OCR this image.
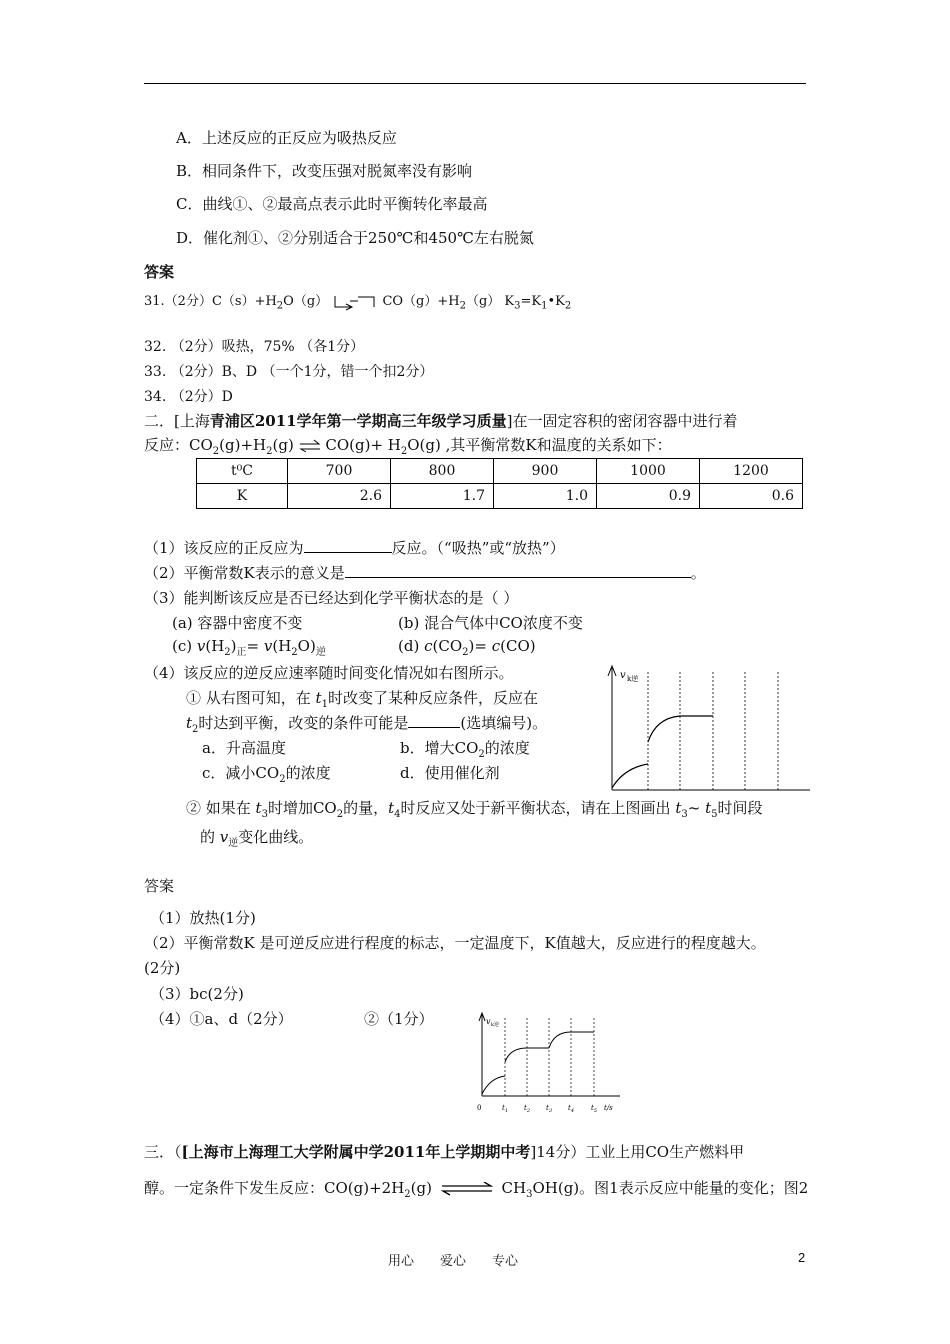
A．上述反应的正反应为吸热反应
B．相同条件下，改变压强对脱氮率没有影响
C．曲线①、②最高点表示此时平衡转化率最高
D．催化剂①、②分别适合于250℃和450℃左右脱氮
答案
31.（2分）$C(s)+H_2O(g)$	$CO(g)+H_2(g)$ $K_3=K_1•K_2$
32. （2分）吸热，75% （各1分）
33. （2分）B、D （一个1分，错一个扣2分）
34. （2分）D
二．[上海青浦区2011学年第一学期高三年级学习质量]在一固定容积的密闭容器中进行着
反应：$CO_2(g)+H_2(g)$ ⇌ $CO(g)+ H_2O(g)$ ,其平衡常数K和温度的关系如下：
t⁰C	700	800	900	1000	1200
K	2.6	1.7	1.0	0.9	0.6
（1）该反应的正反应为	反应。（“吸热”或“放热”）
（2）平衡常数K表示的意义是	。
（3）能判断该反应是否已经达到化学平衡状态的是（ ）
(a) 容器中密度不变	(b) 混合气体中CO浓度不变
(c) $v(H_2)_正= v(H_2O)_逆$	(d) $c(CO_2)= c(CO)$
（4）该反应的逆反应速率随时间变化情况如右图所示。
① 从右图可知，在 $t_1$时改变了某种反应条件，反应在
$t_2$时达到平衡，改变的条件可能是	(选填编号)。
a．升高温度	b．增大$CO_2$的浓度
c．减小$CO_2$的浓度	d．使用催化剂
② 如果在 $t_3$时增加$CO_2$的量，$t_4$时反应又处于新平衡状态，请在上图画出 $t_3\sim$ $t_5$时间段
的 $v_逆$变化曲线。
v k逆
答案
（1）放热(1分)
（2）平衡常数K 是可逆反应进行程度的标志，一定温度下，K值越大，反应进行的程度越大。
(2分)
（3）bc(2分)
（4）①a、d（2分）	②（1分）	v k逆
0	$t_1$ $t_2$ $t_3$ $t_4$ $t_5$ t/s
三．（[上海市上海理工大学附属中学2011年上学期期中考]14分）工业上用CO生产燃料甲
醇。一定条件下发生反应：$CO(g)+2H_2(g)$ ⇌ $CH_3OH(g)$。图1表示反应中能量的变化；图2
用心　　爱心　　专心	2
